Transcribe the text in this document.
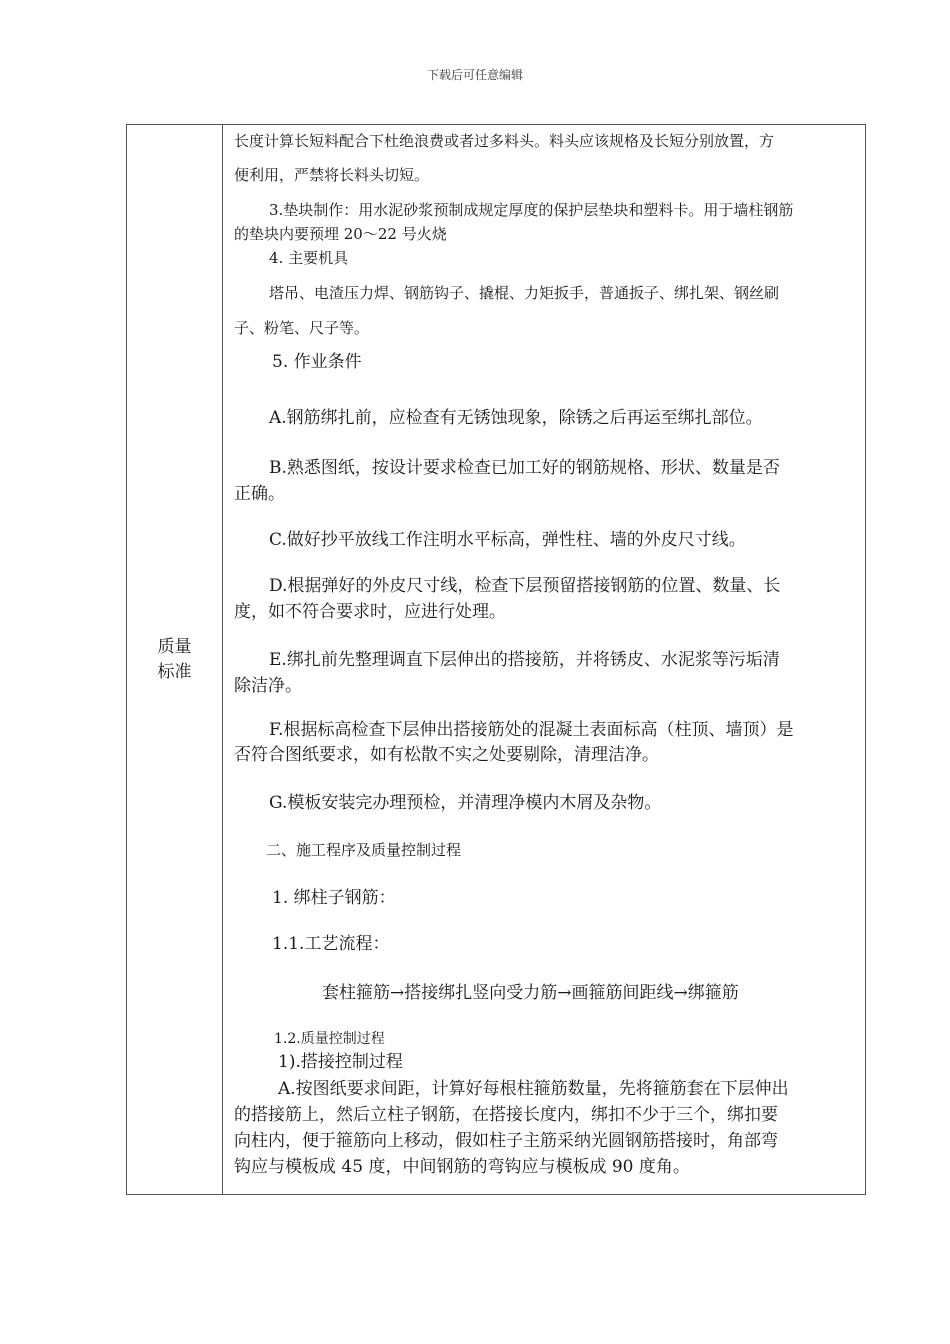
下载后可任意编辑
质量标准

长度计算长短料配合下杜绝浪费或者过多料头。料头应该规格及长短分别放置，方

便利用，严禁将长料头切短。

3.垫块制作：用水泥砂浆预制成规定厚度的保护层垫块和塑料卡。用于墙柱钢筋

的垫块内要预埋 20～22 号火烧

4. 主要机具

塔吊、电渣压力焊、钢筋钩子、撬棍、力矩扳手，普通扳子、绑扎架、钢丝刷

子、粉笔、尺子等。

5. 作业条件

A.钢筋绑扎前，应检查有无锈蚀现象，除锈之后再运至绑扎部位。

B.熟悉图纸，按设计要求检查已加工好的钢筋规格、形状、数量是否

正确。

C.做好抄平放线工作注明水平标高，弹性柱、墙的外皮尺寸线。

D.根据弹好的外皮尺寸线，检查下层预留搭接钢筋的位置、数量、长

度，如不符合要求时，应进行处理。

E.绑扎前先整理调直下层伸出的搭接筋，并将锈皮、水泥浆等污垢清

除洁净。

F.根据标高检查下层伸出搭接筋处的混凝土表面标高（柱顶、墙顶）是

否符合图纸要求，如有松散不实之处要剔除，清理洁净。

G.模板安装完办理预检，并清理净模内木屑及杂物。

二、施工程序及质量控制过程

1. 绑柱子钢筋：

1.1.工艺流程：

套柱箍筋→搭接绑扎竖向受力筋→画箍筋间距线→绑箍筋

1.2.质量控制过程

1).搭接控制过程

A.按图纸要求间距，计算好每根柱箍筋数量，先将箍筋套在下层伸出

的搭接筋上，然后立柱子钢筋，在搭接长度内，绑扣不少于三个，绑扣要

向柱内，便于箍筋向上移动，假如柱子主筋采纳光圆钢筋搭接时，角部弯

钩应与模板成 45 度，中间钢筋的弯钩应与模板成 90 度角。
